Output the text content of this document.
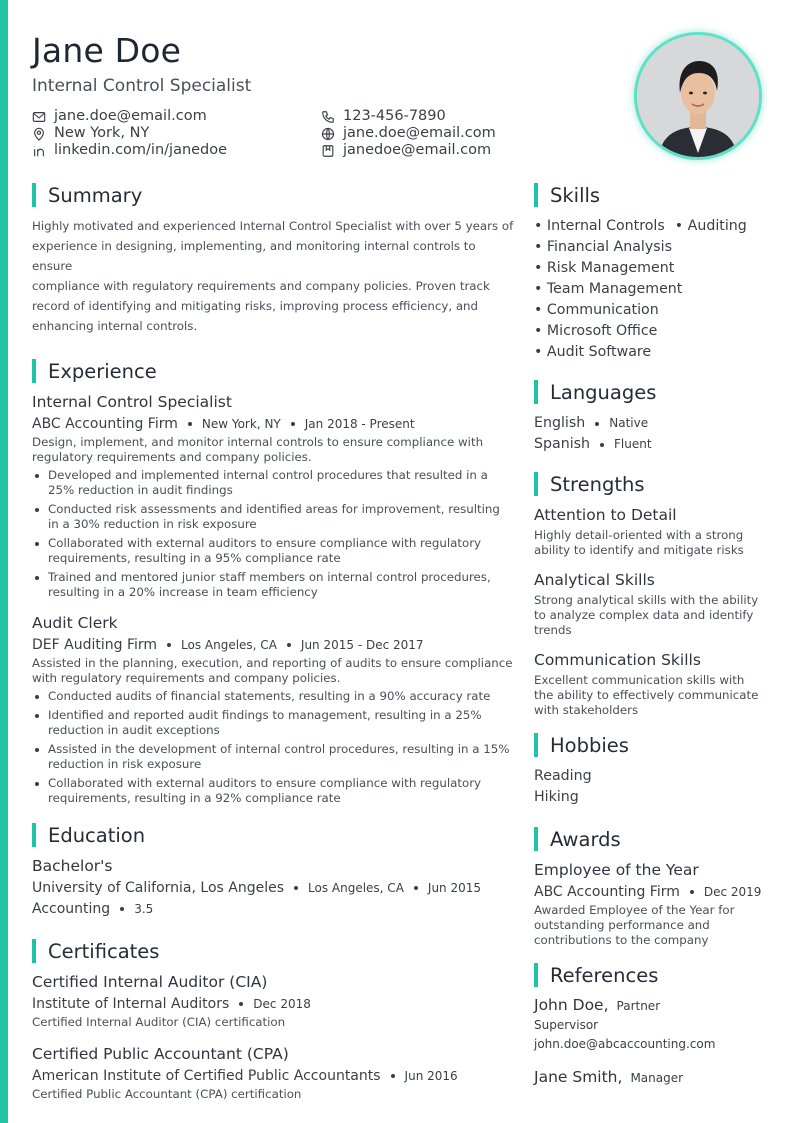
Jane Doe
Internal Control Specialist
jane.doe@email.com
New York, NY
linkedin.com/in/janedoe
123-456-7890
jane.doe@email.com
janedoe@email.com
Summary
Highly motivated and experienced Internal Control Specialist with over 5 years of
experience in designing, implementing, and monitoring internal controls to ensure
compliance with regulatory requirements and company policies. Proven track
record of identifying and mitigating risks, improving process efficiency, and
enhancing internal controls.
Experience
Internal Control Specialist
ABC Accounting Firm New York, NY Jan 2018 - Present
Design, implement, and monitor internal controls to ensure compliance with regulatory requirements and company policies.
Developed and implemented internal control procedures that resulted in a 25% reduction in audit findings
Conducted risk assessments and identified areas for improvement, resulting in a 30% reduction in risk exposure
Collaborated with external auditors to ensure compliance with regulatory requirements, resulting in a 95% compliance rate
Trained and mentored junior staff members on internal control procedures, resulting in a 20% increase in team efficiency
Audit Clerk
DEF Auditing Firm Los Angeles, CA Jun 2015 - Dec 2017
Assisted in the planning, execution, and reporting of audits to ensure compliance with regulatory requirements and company policies.
Conducted audits of financial statements, resulting in a 90% accuracy rate
Identified and reported audit findings to management, resulting in a 25% reduction in audit exceptions
Assisted in the development of internal control procedures, resulting in a 15% reduction in risk exposure
Collaborated with external auditors to ensure compliance with regulatory requirements, resulting in a 92% compliance rate
Education
Bachelor's
University of California, Los Angeles Los Angeles, CA Jun 2015
Accounting 3.5
Certificates
Certified Internal Auditor (CIA)
Institute of Internal Auditors Dec 2018
Certified Internal Auditor (CIA) certification
Certified Public Accountant (CPA)
American Institute of Certified Public Accountants Jun 2016
Certified Public Accountant (CPA) certification
Skills
• Internal Controls • Auditing
• Financial Analysis
• Risk Management
• Team Management
• Communication
• Microsoft Office
• Audit Software
Languages
English Native
Spanish Fluent
Strengths
Attention to Detail
Highly detail-oriented with a strong ability to identify and mitigate risks
Analytical Skills
Strong analytical skills with the ability to analyze complex data and identify trends
Communication Skills
Excellent communication skills with the ability to effectively communicate with stakeholders
Hobbies
Reading
Hiking
Awards
Employee of the Year
ABC Accounting Firm Dec 2019
Awarded Employee of the Year for outstanding performance and contributions to the company
References
John Doe, Partner
Supervisor
john.doe@abcaccounting.com
Jane Smith, Manager
